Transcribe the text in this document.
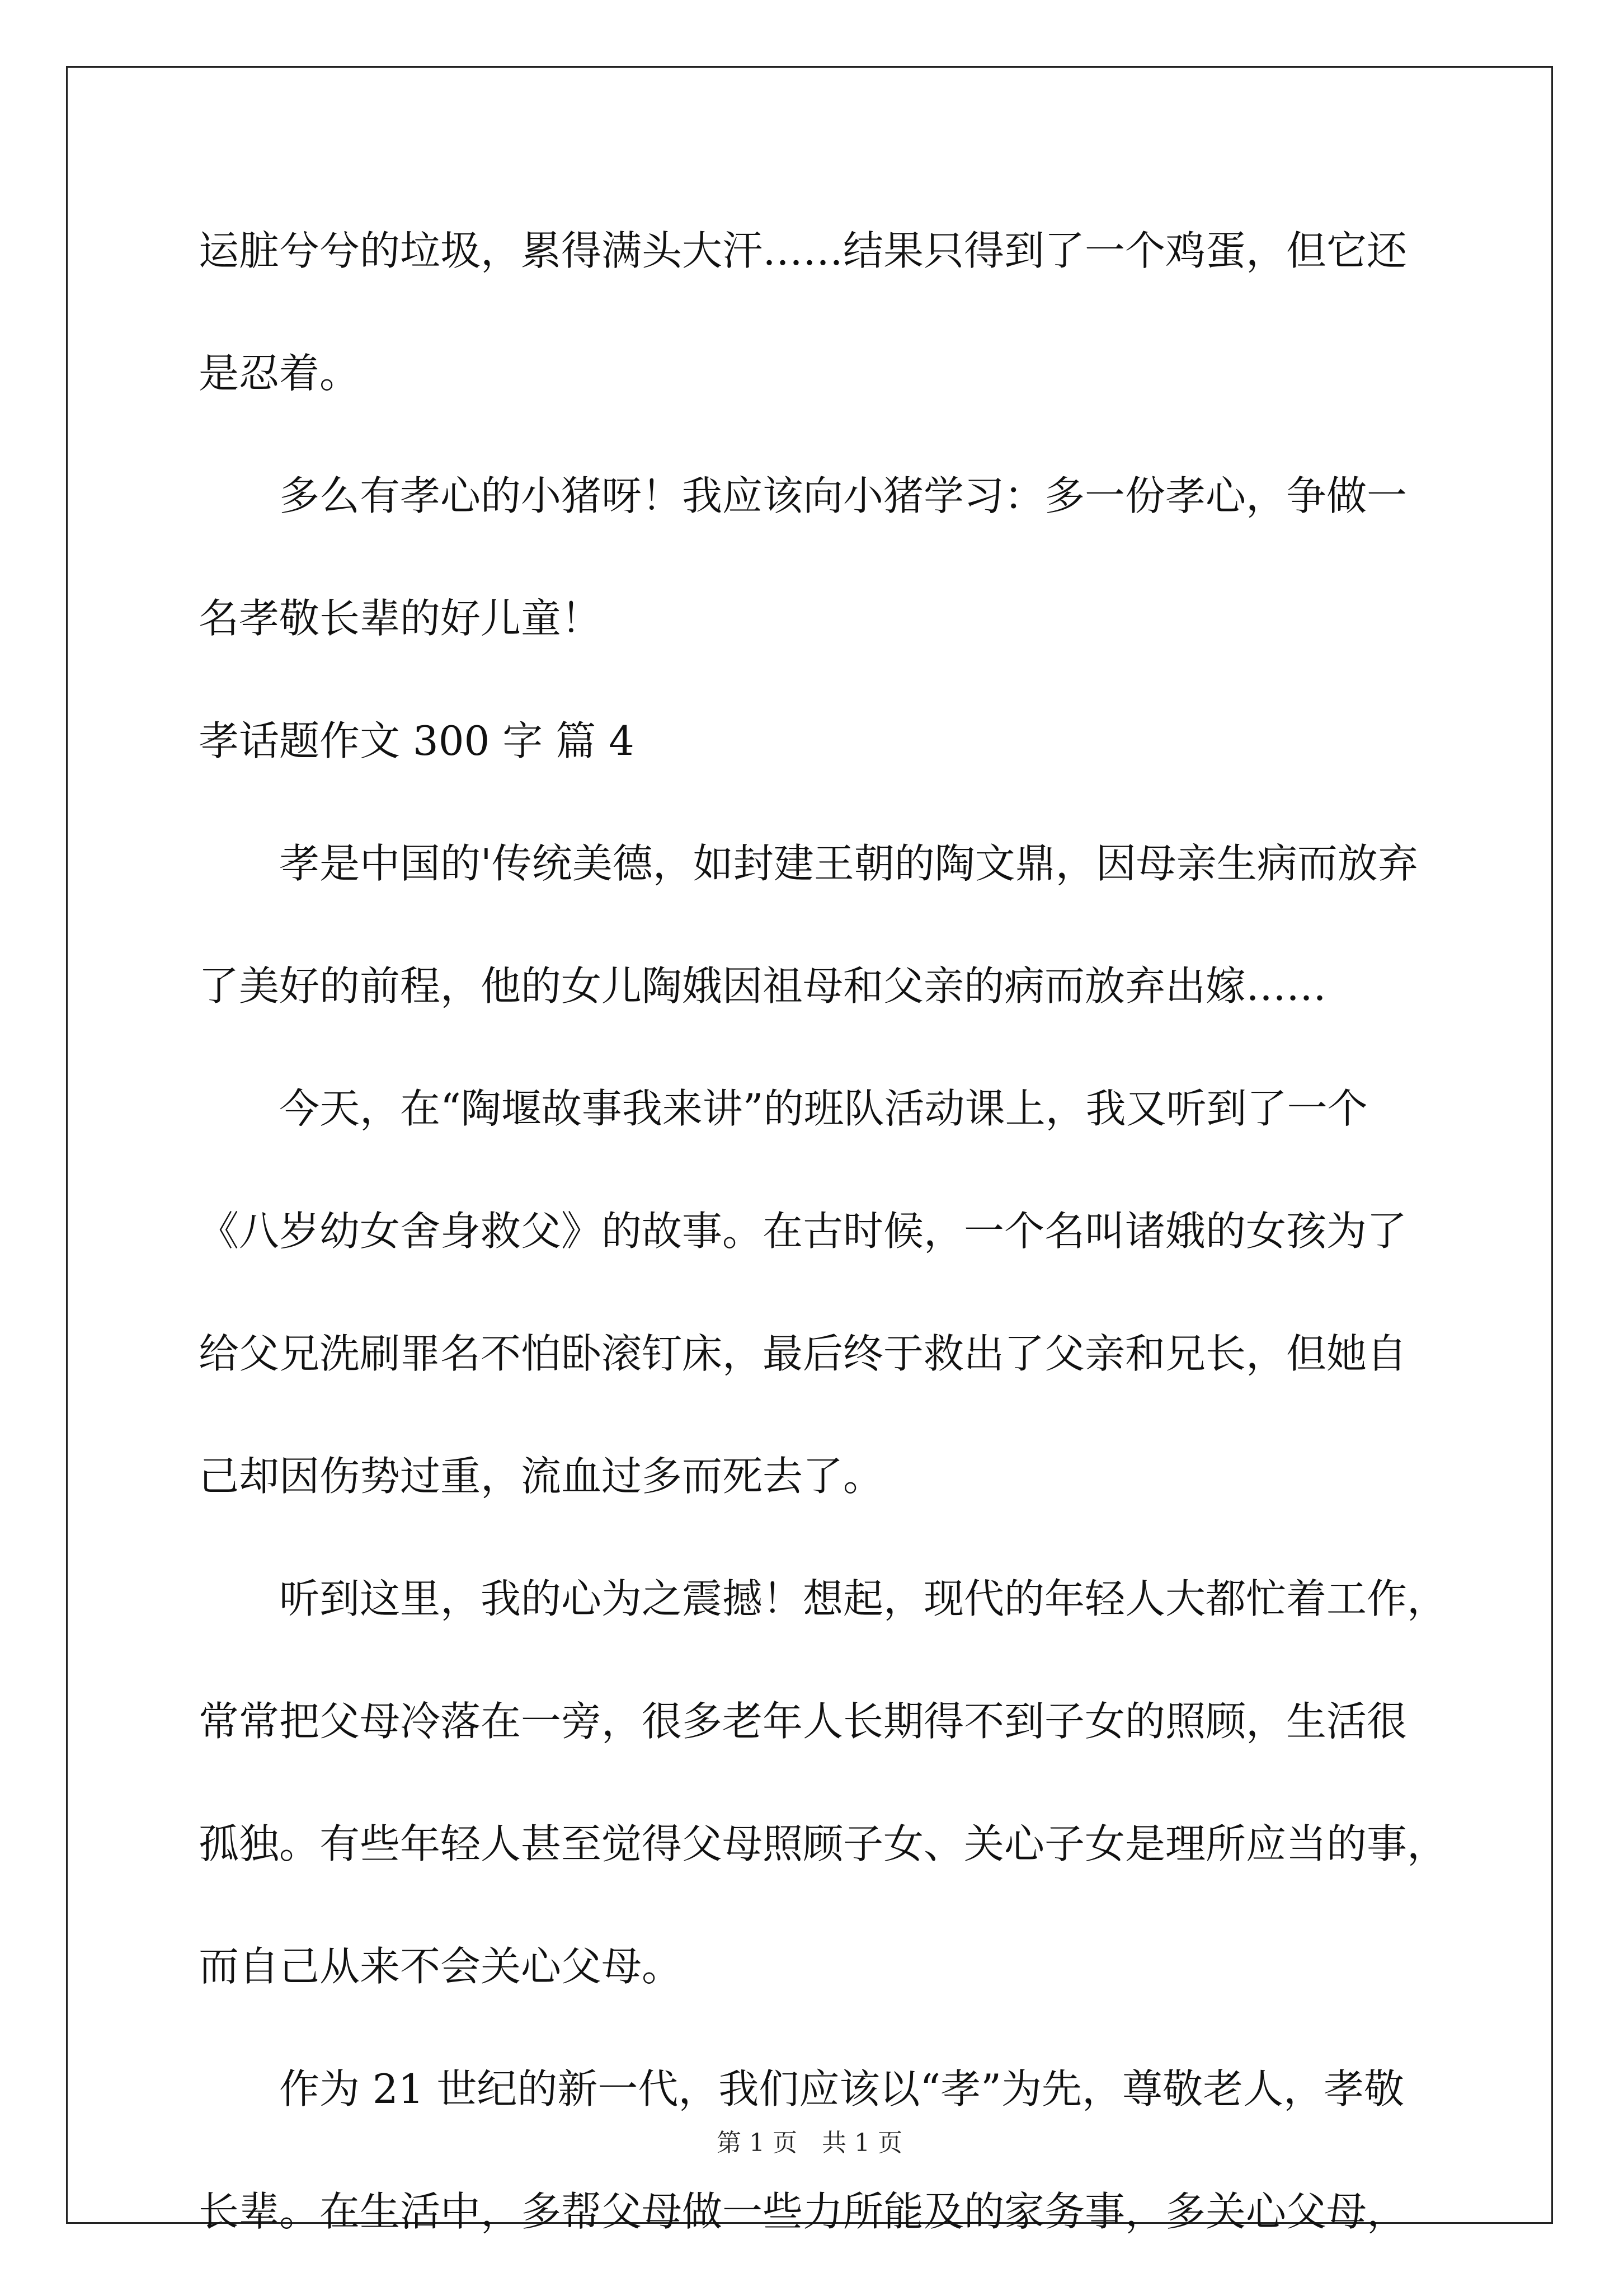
运脏兮兮的垃圾，累得满头大汗……结果只得到了一个鸡蛋，但它还
是忍着。
多么有孝心的小猪呀！我应该向小猪学习：多一份孝心，争做一
名孝敬长辈的好儿童！
孝话题作文 300 字 篇 4
孝是中国的'传统美德，如封建王朝的陶文鼎，因母亲生病而放弃
了美好的前程，他的女儿陶娥因祖母和父亲的病而放弃出嫁……
今天，在“陶堰故事我来讲”的班队活动课上，我又听到了一个
《八岁幼女舍身救父》的故事。在古时候，一个名叫诸娥的女孩为了
给父兄洗刷罪名不怕卧滚钉床，最后终于救出了父亲和兄长，但她自
己却因伤势过重，流血过多而死去了。
听到这里，我的心为之震撼！想起，现代的年轻人大都忙着工作，
常常把父母冷落在一旁，很多老年人长期得不到子女的照顾，生活很
孤独。有些年轻人甚至觉得父母照顾子女、关心子女是理所应当的事，
而自己从来不会关心父母。
作为 21 世纪的新一代，我们应该以“孝”为先，尊敬老人，孝敬
长辈。在生活中，多帮父母做一些力所能及的家务事，多关心父母，
第 1 页　共 1 页
